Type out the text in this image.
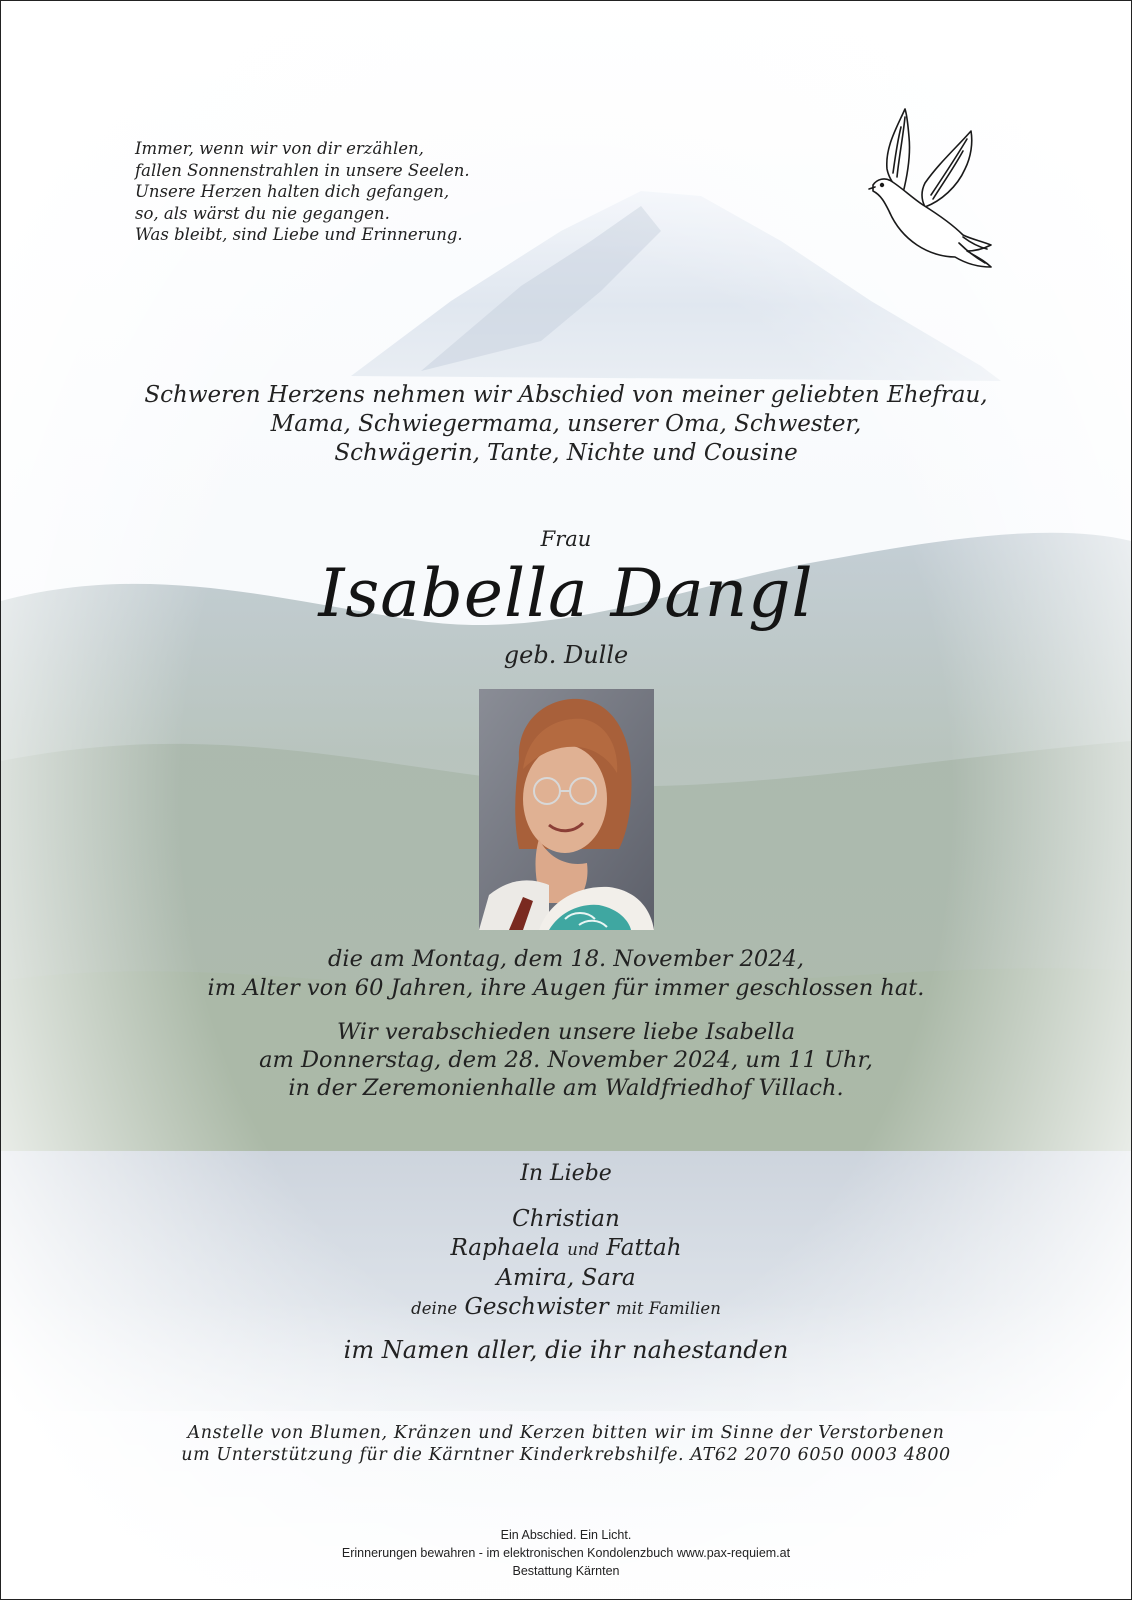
Immer, wenn wir von dir erzählen,
fallen Sonnenstrahlen in unsere Seelen.
Unsere Herzen halten dich gefangen,
so, als wärst du nie gegangen.
Was bleibt, sind Liebe und Erinnerung.
Schweren Herzens nehmen wir Abschied von meiner geliebten Ehefrau,
Mama, Schwiegermama, unserer Oma, Schwester,
Schwägerin, Tante, Nichte und Cousine
Frau
Isabella Dangl
geb. Dulle
die am Montag, dem 18. November 2024,
im Alter von 60 Jahren, ihre Augen für immer geschlossen hat.
Wir verabschieden unsere liebe Isabella
am Donnerstag, dem 28. November 2024, um 11 Uhr,
in der Zeremonienhalle am Waldfriedhof Villach.
In Liebe
Christian
Raphaela und Fattah
Amira, Sara
deine Geschwister mit Familien
im Namen aller, die ihr nahestanden
Anstelle von Blumen, Kränzen und Kerzen bitten wir im Sinne der Verstorbenen
um Unterstützung für die Kärntner Kinderkrebshilfe. AT62 2070 6050 0003 4800
Ein Abschied. Ein Licht.
Erinnerungen bewahren - im elektronischen Kondolenzbuch www.pax-requiem.at
Bestattung Kärnten
